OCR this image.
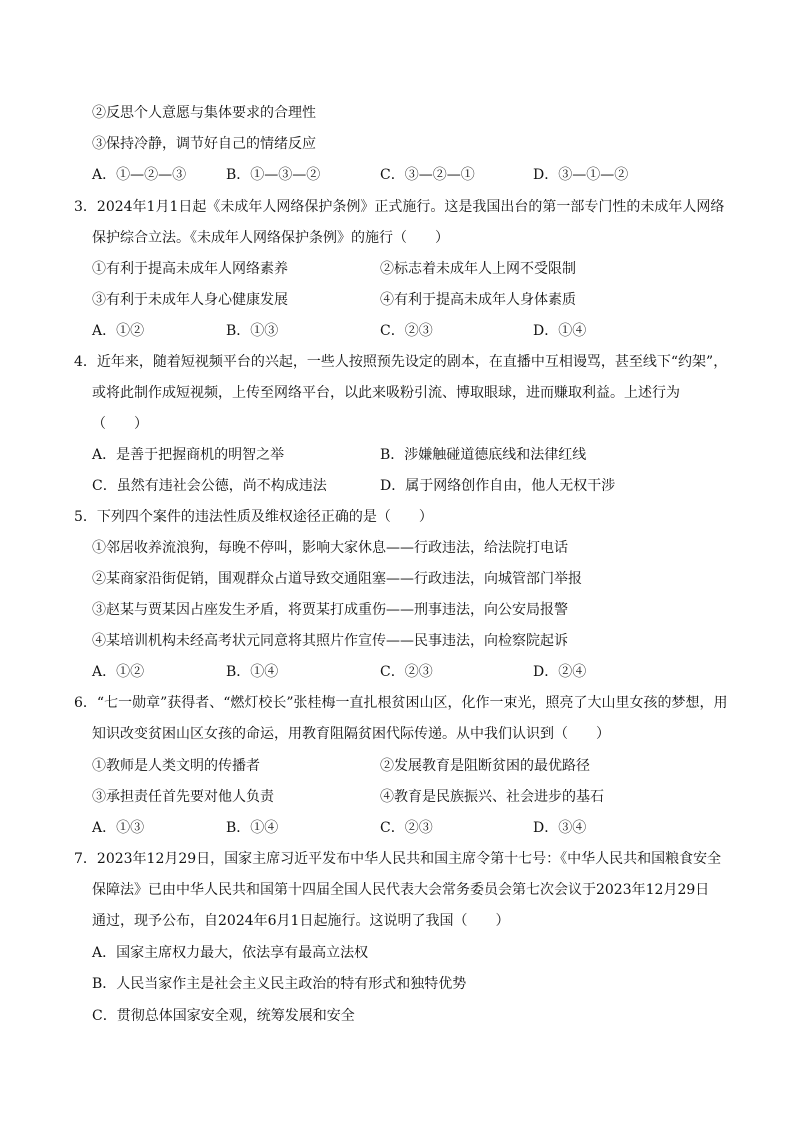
②反思个人意愿与集体要求的合理性
③保持冷静，调节好自己的情绪反应
A．①—②—③	B．①—③—②	C．③—②—①	D．③—①—②
3．2024年1月1日起《未成年人网络保护条例》正式施行。这是我国出台的第一部专门性的未成年人网络
保护综合立法。《未成年人网络保护条例》的施行（　　）
①有利于提高未成年人网络素养	②标志着未成年人上网不受限制
③有利于未成年人身心健康发展	④有利于提高未成年人身体素质
A．①②	B．①③	C．②③	D．①④
4．近年来，随着短视频平台的兴起，一些人按照预先设定的剧本，在直播中互相谩骂，甚至线下“约架”，
或将此制作成短视频，上传至网络平台，以此来吸粉引流、博取眼球，进而赚取利益。上述行为
（　　）
A．是善于把握商机的明智之举	B．涉嫌触碰道德底线和法律红线
C．虽然有违社会公德，尚不构成违法	D．属于网络创作自由，他人无权干涉
5．下列四个案件的违法性质及维权途径正确的是（　　）
①邻居收养流浪狗，每晚不停叫，影响大家休息——行政违法，给法院打电话
②某商家沿街促销，围观群众占道导致交通阻塞——行政违法，向城管部门举报
③赵某与贾某因占座发生矛盾，将贾某打成重伤——刑事违法，向公安局报警
④某培训机构未经高考状元同意将其照片作宣传——民事违法，向检察院起诉
A．①②	B．①④	C．②③	D．②④
6．“七一勋章”获得者、“燃灯校长”张桂梅一直扎根贫困山区，化作一束光，照亮了大山里女孩的梦想，用
知识改变贫困山区女孩的命运，用教育阻隔贫困代际传递。从中我们认识到（　　）
①教师是人类文明的传播者	②发展教育是阻断贫困的最优路径
③承担责任首先要对他人负责	④教育是民族振兴、社会进步的基石
A．①③	B．①④	C．②③	D．③④
7．2023年12月29日，国家主席习近平发布中华人民共和国主席令第十七号：《中华人民共和国粮食安全
保障法》已由中华人民共和国第十四届全国人民代表大会常务委员会第七次会议于2023年12月29日
通过，现予公布，自2024年6月1日起施行。这说明了我国（　　）
A．国家主席权力最大，依法享有最高立法权
B．人民当家作主是社会主义民主政治的特有形式和独特优势
C．贯彻总体国家安全观，统筹发展和安全
